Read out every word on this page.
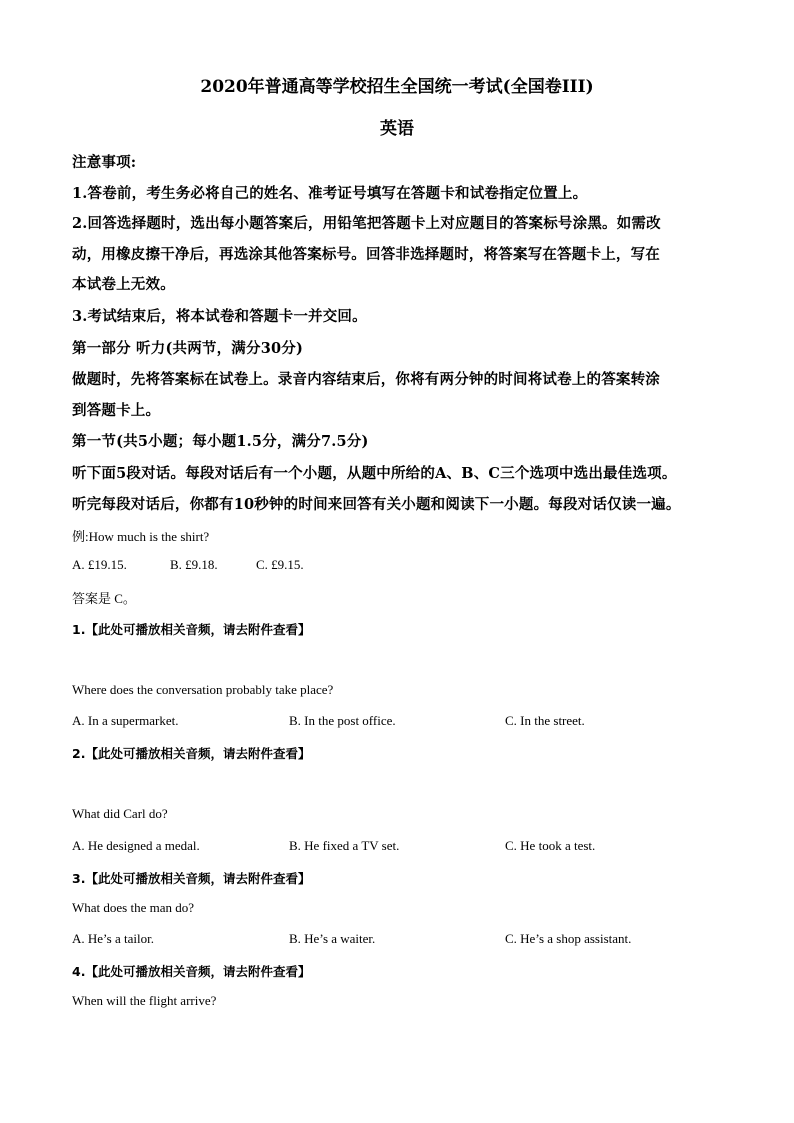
2020年普通高等学校招生全国统一考试(全国卷III)
英语
注意事项:
1.答卷前，考生务必将自己的姓名、准考证号填写在答题卡和试卷指定位置上。
2.回答选择题时，选出每小题答案后，用铅笔把答题卡上对应题目的答案标号涂黑。如需改
动，用橡皮擦干净后，再选涂其他答案标号。回答非选择题时，将答案写在答题卡上，写在
本试卷上无效。
3.考试结束后，将本试卷和答题卡一并交回。
第一部分 听力(共两节，满分30分)
做题时，先将答案标在试卷上。录音内容结束后，你将有两分钟的时间将试卷上的答案转涂
到答题卡上。
第一节(共5小题；每小题1.5分，满分7.5分)
听下面5段对话。每段对话后有一个小题，从题中所给的A、B、C三个选项中选出最佳选项。
听完每段对话后，你都有10秒钟的时间来回答有关小题和阅读下一小题。每段对话仅读一遍。
例:How much is the shirt?
A. £19.15.	B. £9.18.	C. £9.15.
答案是 C。
1.【此处可播放相关音频，请去附件查看】
Where does the conversation probably take place?
A. In a supermarket.	B. In the post office.	C. In the street.
2.【此处可播放相关音频，请去附件查看】
What did Carl do?
A. He designed a medal.	B. He fixed a TV set.	C. He took a test.
3.【此处可播放相关音频，请去附件查看】
What does the man do?
A. He’s a tailor.	B. He’s a waiter.	C. He’s a shop assistant.
4.【此处可播放相关音频，请去附件查看】
When will the flight arrive?
